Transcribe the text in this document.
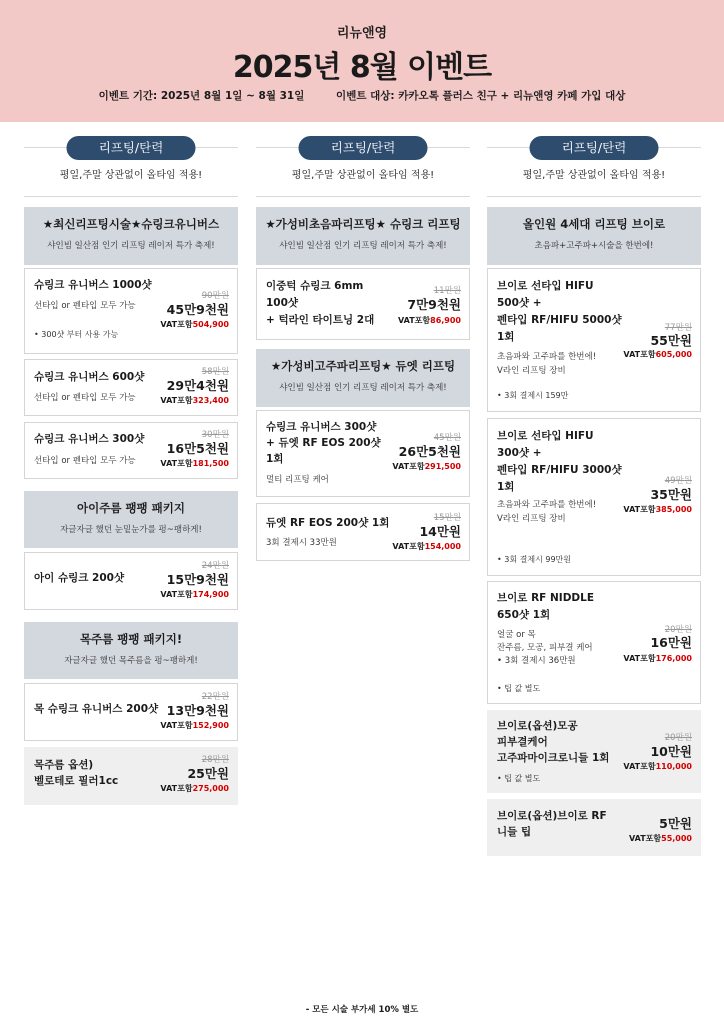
리뉴앤영
2025년 8월 이벤트
이벤트 기간: 2025년 8월 1일 ~ 8월 31일	이벤트 대상: 카카오톡 플러스 친구 + 리뉴앤영 카페 가입 대상
리프팅/탄력
평일,주말 상관없이 올타임 적용!
★최신리프팅시술★슈링크유니버스
샤인빔 일산점 인기 리프팅 레이저 특가 축제!
슈링크 유니버스 1000샷
선타입 or 펜타입 모두 가능
• 300샷 부터 사용 가능
90만원
45만9천원
VAT포함504,900
슈링크 유니버스 600샷
선타입 or 펜타입 모두 가능
58만원
29만4천원
VAT포함323,400
슈링크 유니버스 300샷
선타입 or 펜타입 모두 가능
30만원
16만5천원
VAT포함181,500
아이주름 팽팽 패키지
자글자글 했던 눈밑눈가를 펑~팽하게!
아이 슈링크 200샷
24만원
15만9천원
VAT포함174,900
목주름 팽팽 패키지!
자글자글 했던 목주름을 펑~팽하게!
목 슈링크 유니버스 200샷
22만원
13만9천원
VAT포함152,900
목주름 옵션)
벨로테로 필러1cc
28만원
25만원
VAT포함275,000
리프팅/탄력
평일,주말 상관없이 올타임 적용!
★가성비초음파리프팅★ 슈링크 리프팅
샤인빔 일산점 인기 리프팅 레이저 특가 축제!
이중턱 슈링크 6mm
100샷
+ 턱라인 타이트닝 2대
11만원
7만9천원
VAT포함86,900
★가성비고주파리프팅★ 듀엣 리프팅
샤인빔 일산점 인기 리프팅 레이저 특가 축제!
슈링크 유니버스 300샷
+ 듀엣 RF EOS 200샷
1회
멀티 리프팅 케어
45만원
26만5천원
VAT포함291,500
듀엣 RF EOS 200샷 1회
3회 결제시 33만원
15만원
14만원
VAT포함154,000
리프팅/탄력
평일,주말 상관없이 올타임 적용!
올인원 4세대 리프팅 브이로
초음파+고주파+시술을 한번에!
브이로 선타입 HIFU
500샷 +
펜타입 RF/HIFU 5000샷
1회
초음파와 고주파를 한번에!
V라인 리프팅 장비
• 3회 결제시 159만
77만원
55만원
VAT포함605,000
브이로 선타입 HIFU
300샷 +
펜타입 RF/HIFU 3000샷
1회
초음파와 고주파를 한번에!
V라인 리프팅 장비
• 3회 결제시 99만원
49만원
35만원
VAT포함385,000
브이로 RF NIDDLE
650샷 1회
얼굴 or 목
잔주름, 모공, 피부결 케어
• 3회 결제시 36만원
• 팁 값 별도
20만원
16만원
VAT포함176,000
브이로(옵션)모공
피부결케어
고주파마이크로니들 1회
• 팁 값 별도
20만원
10만원
VAT포함110,000
브이로(옵션)브이로 RF
니들 팁
5만원
VAT포함55,000
- 모든 시술 부가세 10% 별도
